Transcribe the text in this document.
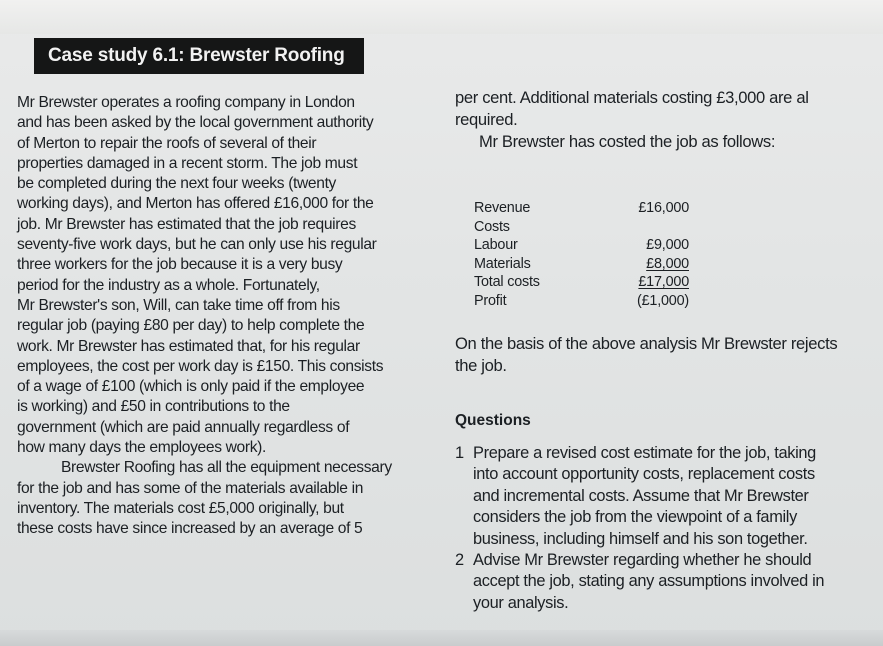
Case study 6.1: Brewster Roofing
Mr Brewster operates a roofing company in London
and has been asked by the local government authority
of Merton to repair the roofs of several of their
properties damaged in a recent storm. The job must
be completed during the next four weeks (twenty
working days), and Merton has offered £16,000 for the
job. Mr Brewster has estimated that the job requires
seventy-five work days, but he can only use his regular
three workers for the job because it is a very busy
period for the industry as a whole. Fortunately,
Mr Brewster's son, Will, can take time off from his
regular job (paying £80 per day) to help complete the
work. Mr Brewster has estimated that, for his regular
employees, the cost per work day is £150. This consists
of a wage of £100 (which is only paid if the employee
is working) and £50 in contributions to the
government (which are paid annually regardless of
how many days the employees work).
Brewster Roofing has all the equipment necessary
for the job and has some of the materials available in
inventory. The materials cost £5,000 originally, but
these costs have since increased by an average of 5
per cent. Additional materials costing £3,000 are al
required.
Mr Brewster has costed the job as follows:
Revenue	£16,000
Costs
Labour	£9,000
Materials	£8,000
Total costs	£17,000
Profit	(£1,000)
On the basis of the above analysis Mr Brewster rejects
the job.
Questions
1 Prepare a revised cost estimate for the job, taking
into account opportunity costs, replacement costs
and incremental costs. Assume that Mr Brewster
considers the job from the viewpoint of a family
business, including himself and his son together.
2 Advise Mr Brewster regarding whether he should
accept the job, stating any assumptions involved in
your analysis.
